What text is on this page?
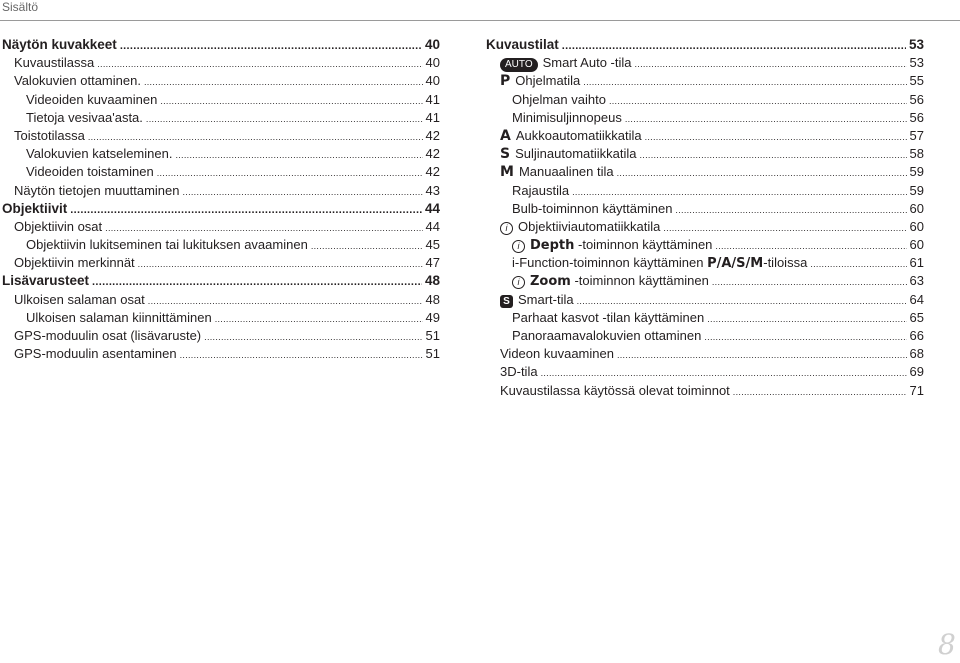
Sisältö
Näytön kuvakkeet .....	40
Kuvaustilassa .....	40
Valokuvien ottaminen. .....	40
Videoiden kuvaaminen .....	41
Tietoja vesivaa'asta. .....	41
Toistotilassa .....	42
Valokuvien katseleminen. .....	42
Videoiden toistaminen .....	42
Näytön tietojen muuttaminen .....	43
Objektiivit .....	44
Objektiivin osat .....	44
Objektiivin lukitseminen tai lukituksen avaaminen .....	45
Objektiivin merkinnät .....	47
Lisävarusteet .....	48
Ulkoisen salaman osat .....	48
Ulkoisen salaman kiinnittäminen .....	49
GPS-moduulin osat (lisävaruste) .....	51
GPS-moduulin asentaminen .....	51
Kuvaustilat .....	53
AUTO Smart Auto -tila .....	53
P Ohjelmatila .....	55
Ohjelman vaihto .....	56
Minimisuljinnopeus .....	56
A Aukkoautomatiikkatila .....	57
S Suljinautomatiikkatila .....	58
M Manuaalinen tila .....	59
Rajaustila .....	59
Bulb-toiminnon käyttäminen .....	60
i Objektiiviautomatiikkatila .....	60
i Depth -toiminnon käyttäminen .....	60
i-Function-toiminnon käyttäminen P/A/S/M-tiloissa .....	61
i Zoom -toiminnon käyttäminen .....	63
S Smart-tila .....	64
Parhaat kasvot -tilan käyttäminen .....	65
Panoraamavalokuvien ottaminen .....	66
Videon kuvaaminen .....	68
3D-tila .....	69
Kuvaustilassa käytössä olevat toiminnot .....	71
8
